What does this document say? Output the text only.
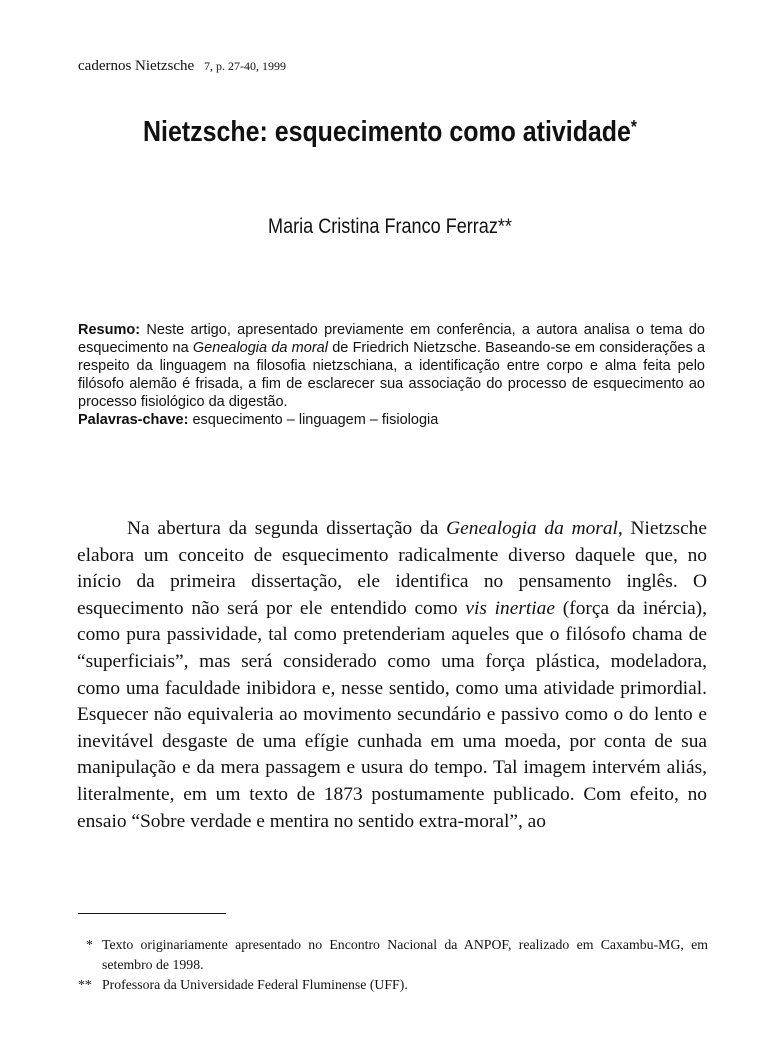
cadernos Nietzsche 7, p. 27-40, 1999
Nietzsche: esquecimento como atividade*
Maria Cristina Franco Ferraz**
Resumo: Neste artigo, apresentado previamente em conferência, a autora analisa o tema do esquecimento na Genealogia da moral de Friedrich Nietzsche. Baseando-se em considerações a respeito da linguagem na filosofia nietzschiana, a identificação entre corpo e alma feita pelo filósofo alemão é frisada, a fim de esclarecer sua associação do processo de esquecimento ao processo fisiológico da digestão.
Palavras-chave: esquecimento – linguagem – fisiologia
Na abertura da segunda dissertação da Genealogia da moral, Nietzsche elabora um conceito de esquecimento radicalmente diverso daquele que, no início da primeira dissertação, ele identifica no pensamento inglês. O esquecimento não será por ele entendido como vis inertiae (força da inércia), como pura passividade, tal como pretenderiam aqueles que o filósofo chama de “superficiais”, mas será considerado como uma força plástica, modeladora, como uma faculdade inibidora e, nesse sentido, como uma atividade primordial. Esquecer não equivaleria ao movimento secundário e passivo como o do lento e inevitável desgaste de uma efígie cunhada em uma moeda, por conta de sua manipulação e da mera passagem e usura do tempo. Tal imagem intervém aliás, literalmente, em um texto de 1873 postumamente publicado. Com efeito, no ensaio “Sobre verdade e mentira no sentido extra-moral”, ao
* Texto originariamente apresentado no Encontro Nacional da ANPOF, realizado em Caxambu-MG, em setembro de 1998.
** Professora da Universidade Federal Fluminense (UFF).
